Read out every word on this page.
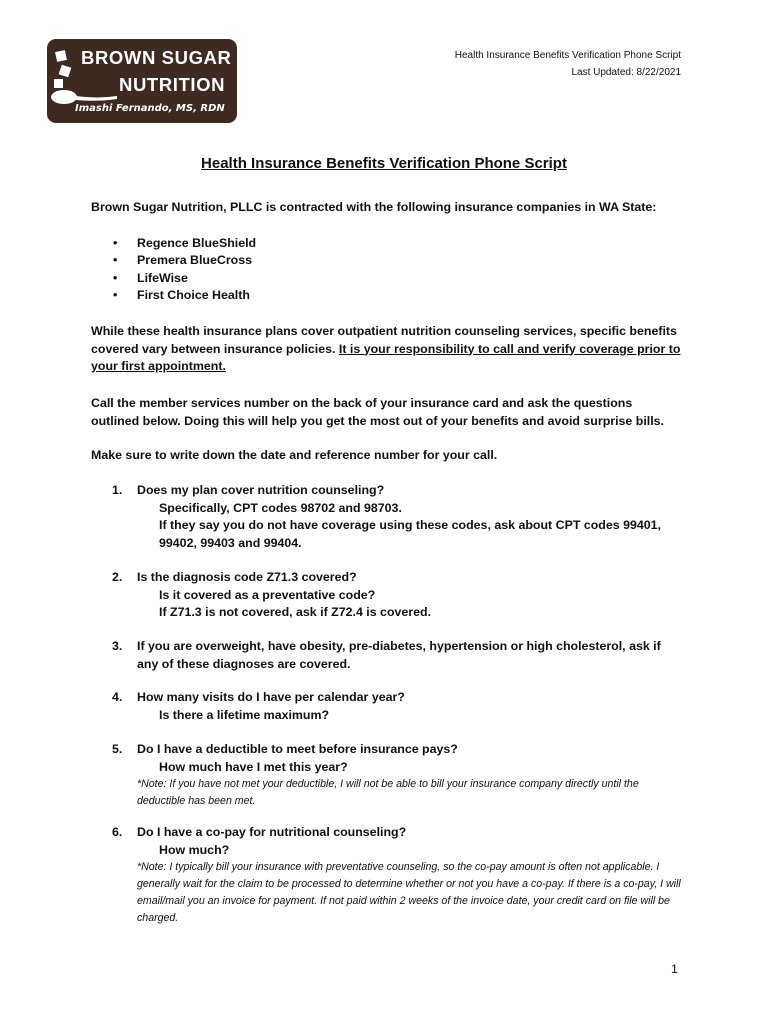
BROWN SUGAR
NUTRITION
Imashi Fernando, MS, RDN
Health Insurance Benefits Verification Phone Script
Last Updated: 8/22/2021
Health Insurance Benefits Verification Phone Script
Brown Sugar Nutrition, PLLC is contracted with the following insurance companies in WA State:
• Regence BlueShield
• Premera BlueCross
• LifeWise
• First Choice Health
While these health insurance plans cover outpatient nutrition counseling services, specific benefits covered vary between insurance policies. It is your responsibility to call and verify coverage prior to your first appointment.
Call the member services number on the back of your insurance card and ask the questions outlined below. Doing this will help you get the most out of your benefits and avoid surprise bills.
Make sure to write down the date and reference number for your call.
1. Does my plan cover nutrition counseling?
Specifically, CPT codes 98702 and 98703.
If they say you do not have coverage using these codes, ask about CPT codes 99401, 99402, 99403 and 99404.
2. Is the diagnosis code Z71.3 covered?
Is it covered as a preventative code?
If Z71.3 is not covered, ask if Z72.4 is covered.
3. If you are overweight, have obesity, pre-diabetes, hypertension or high cholesterol, ask if any of these diagnoses are covered.
4. How many visits do I have per calendar year?
Is there a lifetime maximum?
5. Do I have a deductible to meet before insurance pays?
How much have I met this year?
*Note: If you have not met your deductible, I will not be able to bill your insurance company directly until the deductible has been met.
6. Do I have a co-pay for nutritional counseling?
How much?
*Note: I typically bill your insurance with preventative counseling, so the co-pay amount is often not applicable. I generally wait for the claim to be processed to determine whether or not you have a co-pay. If there is a co-pay, I will email/mail you an invoice for payment. If not paid within 2 weeks of the invoice date, your credit card on file will be charged.
1
